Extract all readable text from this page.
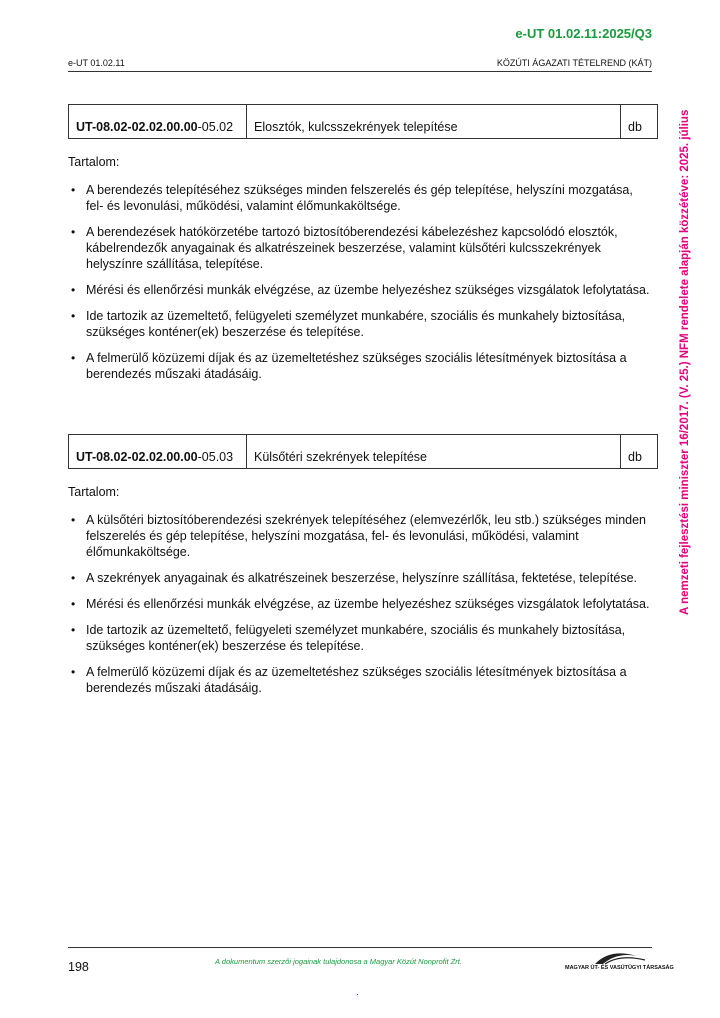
e-UT 01.02.11:2025/Q3
e-UT 01.02.11	KÖZÚTI ÁGAZATI TÉTELREND (KÁT)
A nemzeti fejlesztési miniszter 16/2017. (V. 25.) NFM rendelete alapján közzétéve: 2025. július
UT-08.02-02.02.00.00-05.02	Elosztók, kulcsszekrények telepítése	db
Tartalom:
• A berendezés telepítéséhez szükséges minden felszerelés és gép telepítése, helyszíni mozgatása, fel- és levonulási, működési, valamint élőmunkaköltsége.
• A berendezések hatókörzetébe tartozó biztosítóberendezési kábelezéshez kapcsolódó elosztók, kábelrendezők anyagainak és alkatrészeinek beszerzése, valamint külsőtéri kulcsszekrények helyszínre szállítása, telepítése.
• Mérési és ellenőrzési munkák elvégzése, az üzembe helyezéshez szükséges vizsgálatok lefolytatása.
• Ide tartozik az üzemeltető, felügyeleti személyzet munkabére, szociális és munkahely biztosítása, szükséges konténer(ek) beszerzése és telepítése.
• A felmerülő közüzemi díjak és az üzemeltetéshez szükséges szociális létesítmények biztosítása a berendezés műszaki átadásáig.
UT-08.02-02.02.00.00-05.03	Külsőtéri szekrények telepítése	db
Tartalom:
• A külsőtéri biztosítóberendezési szekrények telepítéséhez (elemvezérlők, leu stb.) szükséges minden felszerelés és gép telepítése, helyszíni mozgatása, fel- és levonulási, működési, valamint élőmunkaköltsége.
• A szekrények anyagainak és alkatrészeinek beszerzése, helyszínre szállítása, fektetése, telepítése.
• Mérési és ellenőrzési munkák elvégzése, az üzembe helyezéshez szükséges vizsgálatok lefolytatása.
• Ide tartozik az üzemeltető, felügyeleti személyzet munkabére, szociális és munkahely biztosítása, szükséges konténer(ek) beszerzése és telepítése.
• A felmerülő közüzemi díjak és az üzemeltetéshez szükséges szociális létesítmények biztosítása a berendezés műszaki átadásáig.
198	A dokumentum szerzői jogainak tulajdonosa a Magyar Közút Nonprofit Zrt.
MAGYAR ÚT- ÉS VASÚTÜGYI TÁRSASÁG
